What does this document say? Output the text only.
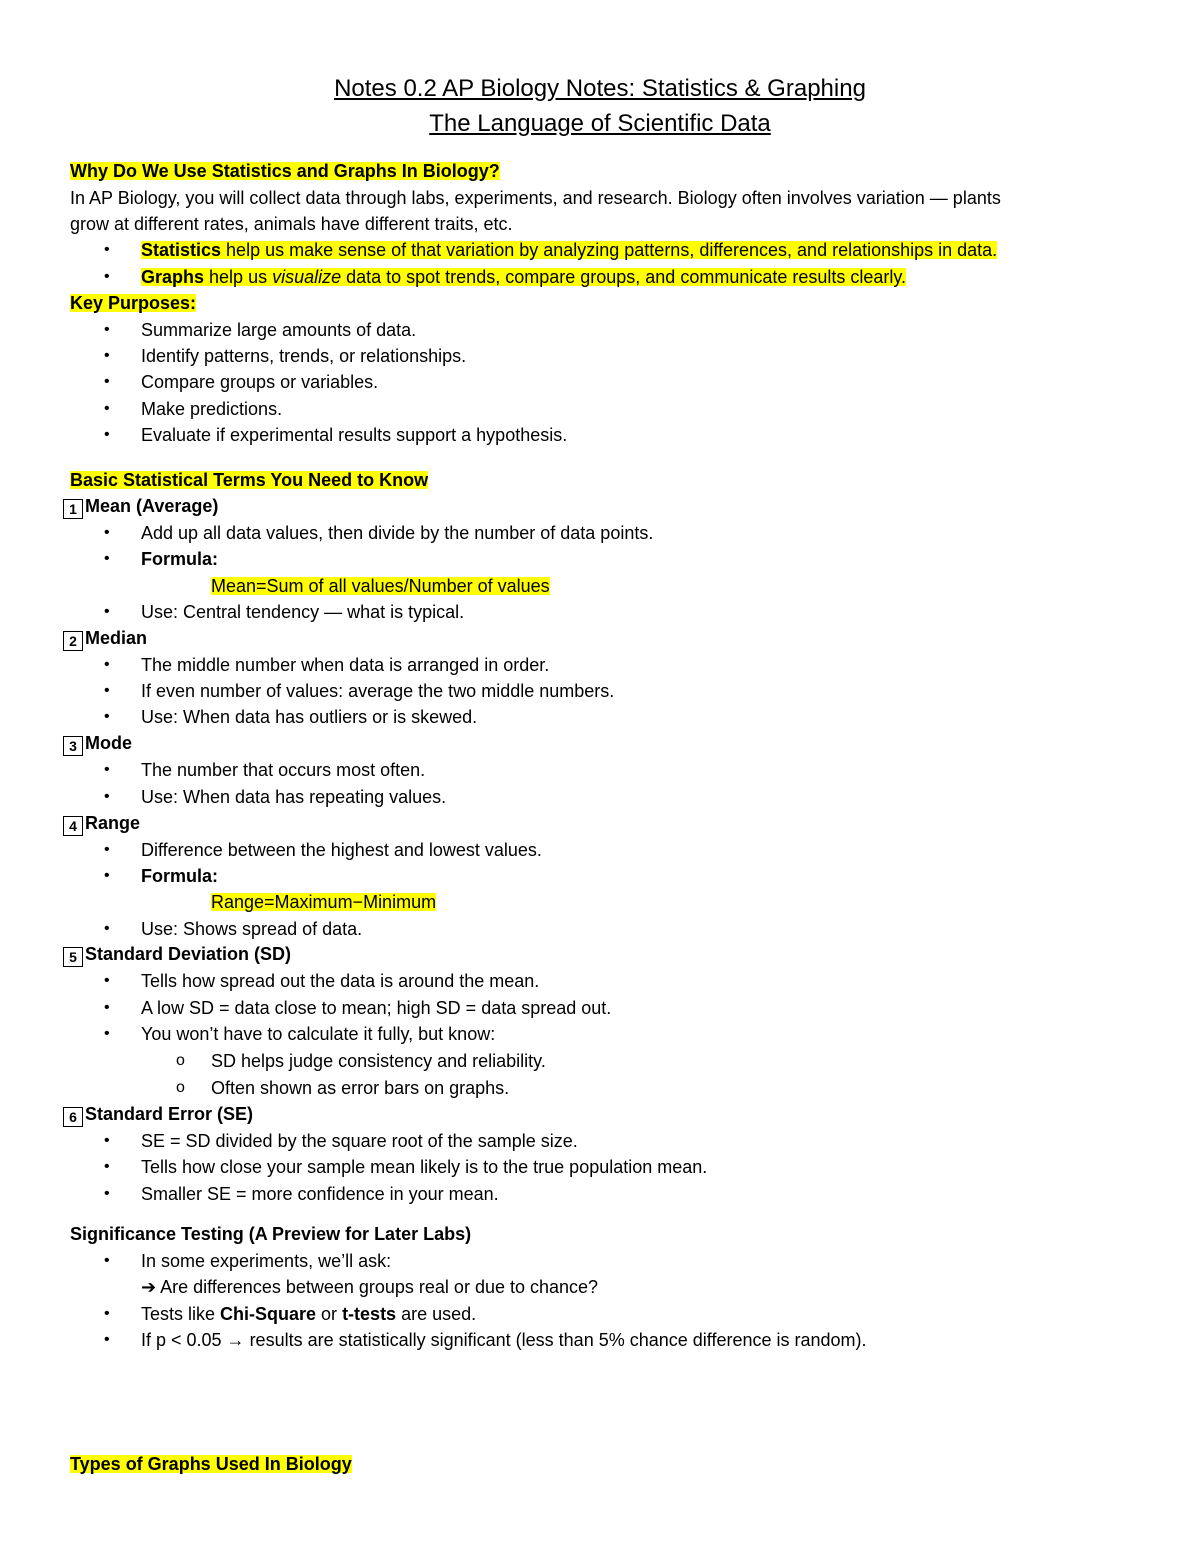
Notes 0.2 AP Biology Notes: Statistics & Graphing
The Language of Scientific Data
Why Do We Use Statistics and Graphs In Biology?
In AP Biology, you will collect data through labs, experiments, and research. Biology often involves variation — plants
grow at different rates, animals have different traits, etc.
• Statistics help us make sense of that variation by analyzing patterns, differences, and relationships in data.
• Graphs help us visualize data to spot trends, compare groups, and communicate results clearly.
Key Purposes:
• Summarize large amounts of data.
• Identify patterns, trends, or relationships.
• Compare groups or variables.
• Make predictions.
• Evaluate if experimental results support a hypothesis.
Basic Statistical Terms You Need to Know
1 Mean (Average)
• Add up all data values, then divide by the number of data points.
• Formula:
Mean=Sum of all values/Number of values
• Use: Central tendency — what is typical.
2 Median
• The middle number when data is arranged in order.
• If even number of values: average the two middle numbers.
• Use: When data has outliers or is skewed.
3 Mode
• The number that occurs most often.
• Use: When data has repeating values.
4 Range
• Difference between the highest and lowest values.
• Formula:
Range=Maximum−Minimum
• Use: Shows spread of data.
5 Standard Deviation (SD)
• Tells how spread out the data is around the mean.
• A low SD = data close to mean; high SD = data spread out.
• You won’t have to calculate it fully, but know:
o SD helps judge consistency and reliability.
o Often shown as error bars on graphs.
6 Standard Error (SE)
• SE = SD divided by the square root of the sample size.
• Tells how close your sample mean likely is to the true population mean.
• Smaller SE = more confidence in your mean.
Significance Testing (A Preview for Later Labs)
• In some experiments, we’ll ask:
➔ Are differences between groups real or due to chance?
• Tests like Chi-Square or t-tests are used.
• If p < 0.05 → results are statistically significant (less than 5% chance difference is random).
Types of Graphs Used In Biology
